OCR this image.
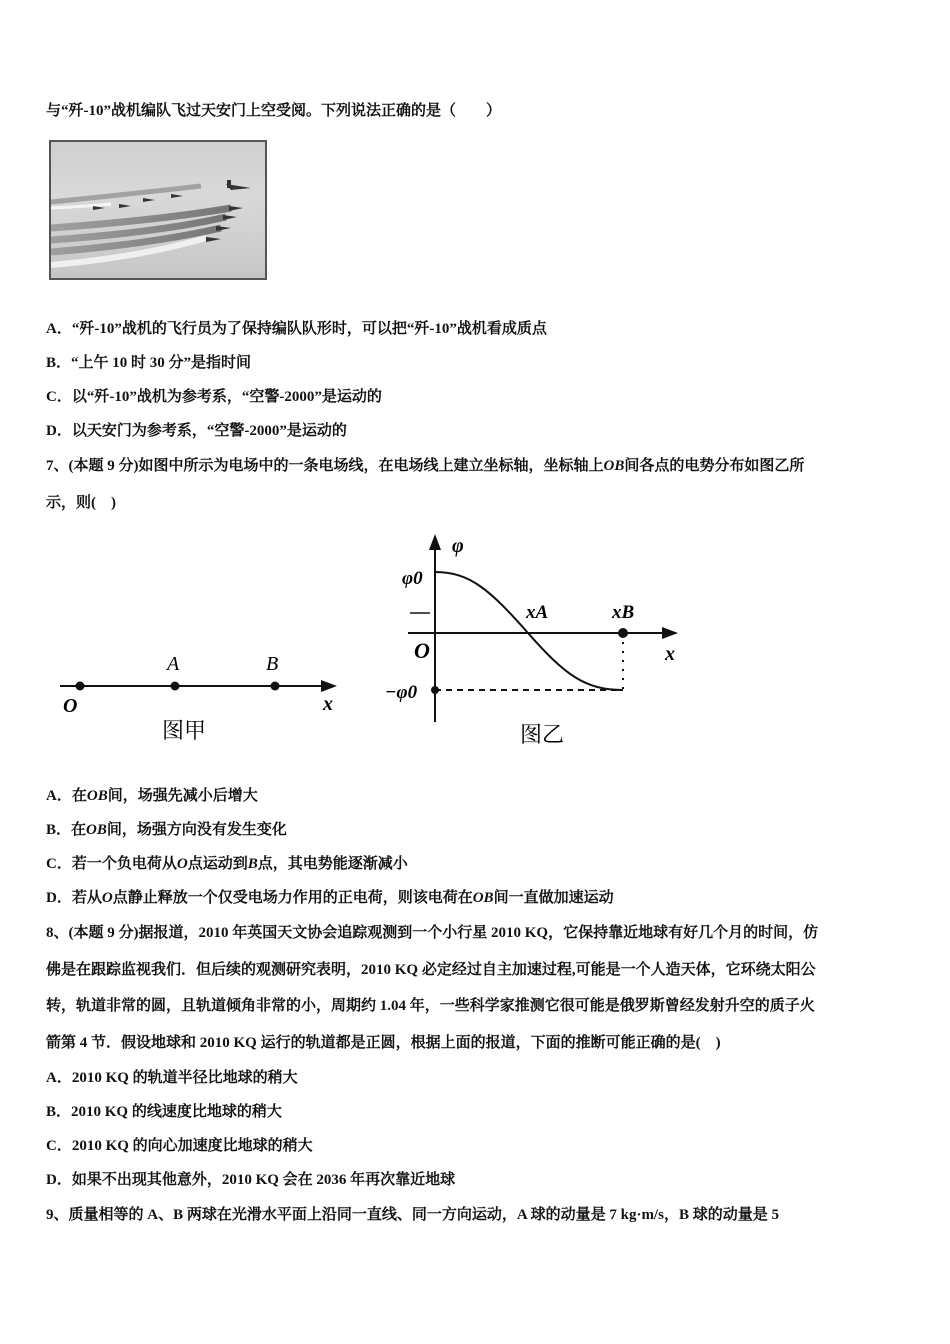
与“歼-10”战机编队飞过天安门上空受阅。下列说法正确的是（　　）
A．“歼-10”战机的飞行员为了保持编队队形时，可以把“歼-10”战机看成质点
B．“上午 10 时 30 分”是指时间
C．以“歼-10”战机为参考系，“空警-2000”是运动的
D．以天安门为参考系，“空警-2000”是运动的
7、(本题 9 分)如图中所示为电场中的一条电场线，在电场线上建立坐标轴，坐标轴上OB间各点的电势分布如图乙所
示，则(　)
O
A	B
x
图甲
φ
φ0
O
−φ0
xA	xB
x
图乙
A．在OB间，场强先减小后增大
B．在OB间，场强方向没有发生变化
C．若一个负电荷从O点运动到B点，其电势能逐渐减小
D．若从O点静止释放一个仅受电场力作用的正电荷，则该电荷在OB间一直做加速运动
8、(本题 9 分)据报道，2010 年英国天文协会追踪观测到一个小行星 2010 KQ，它保持靠近地球有好几个月的时间，仿
佛是在跟踪监视我们．但后续的观测研究表明，2010 KQ 必定经过自主加速过程,可能是一个人造天体，它环绕太阳公
转，轨道非常的圆，且轨道倾角非常的小，周期约 1.04 年，一些科学家推测它很可能是俄罗斯曾经发射升空的质子火
箭第 4 节．假设地球和 2010 KQ 运行的轨道都是正圆，根据上面的报道，下面的推断可能正确的是(　)
A．2010 KQ 的轨道半径比地球的稍大
B．2010 KQ 的线速度比地球的稍大
C．2010 KQ 的向心加速度比地球的稍大
D．如果不出现其他意外，2010 KQ 会在 2036 年再次靠近地球
9、质量相等的 A、B 两球在光滑水平面上沿同一直线、同一方向运动，A 球的动量是 7 kg·m/s，B 球的动量是 5
